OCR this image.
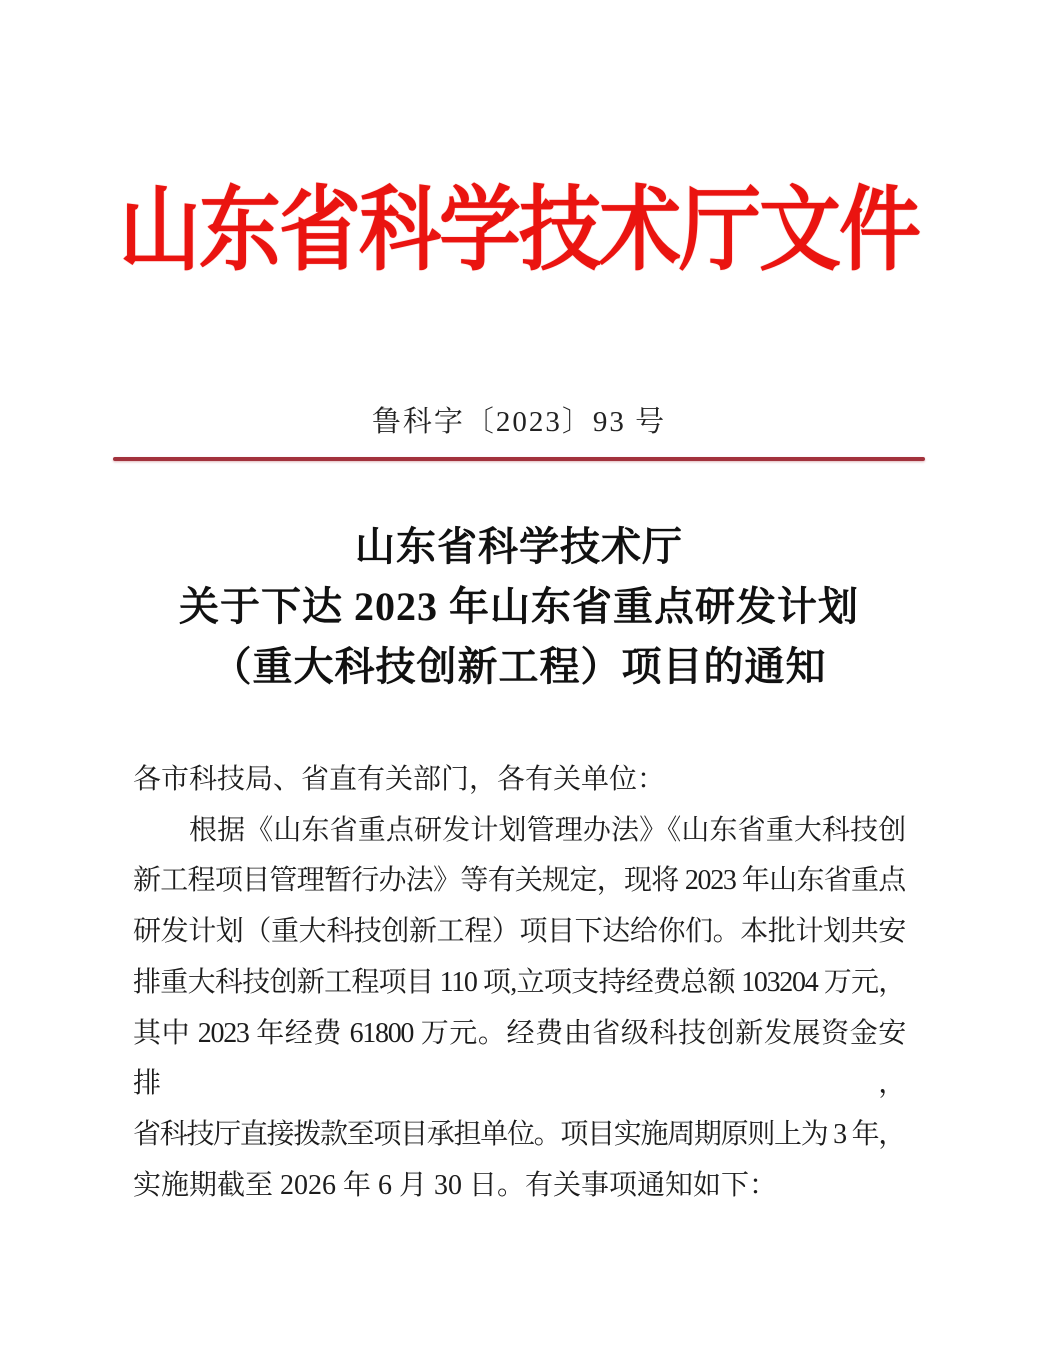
山东省科学技术厅文件
鲁科字〔2023〕93 号
山东省科学技术厅
关于下达 2023 年山东省重点研发计划
（重大科技创新工程）项目的通知
各市科技局、省直有关部门，各有关单位：
根据《山东省重点研发计划管理办法》《山东省重大科技创
新工程项目管理暂行办法》等有关规定，现将 2023 年山东省重点
研发计划（重大科技创新工程）项目下达给你们。本批计划共安
排重大科技创新工程项目 110 项,立项支持经费总额 103204 万元，
其中 2023 年经费 61800 万元。经费由省级科技创新发展资金安排，
省科技厅直接拨款至项目承担单位。项目实施周期原则上为 3 年，
实施期截至 2026 年 6 月 30 日。有关事项通知如下：
